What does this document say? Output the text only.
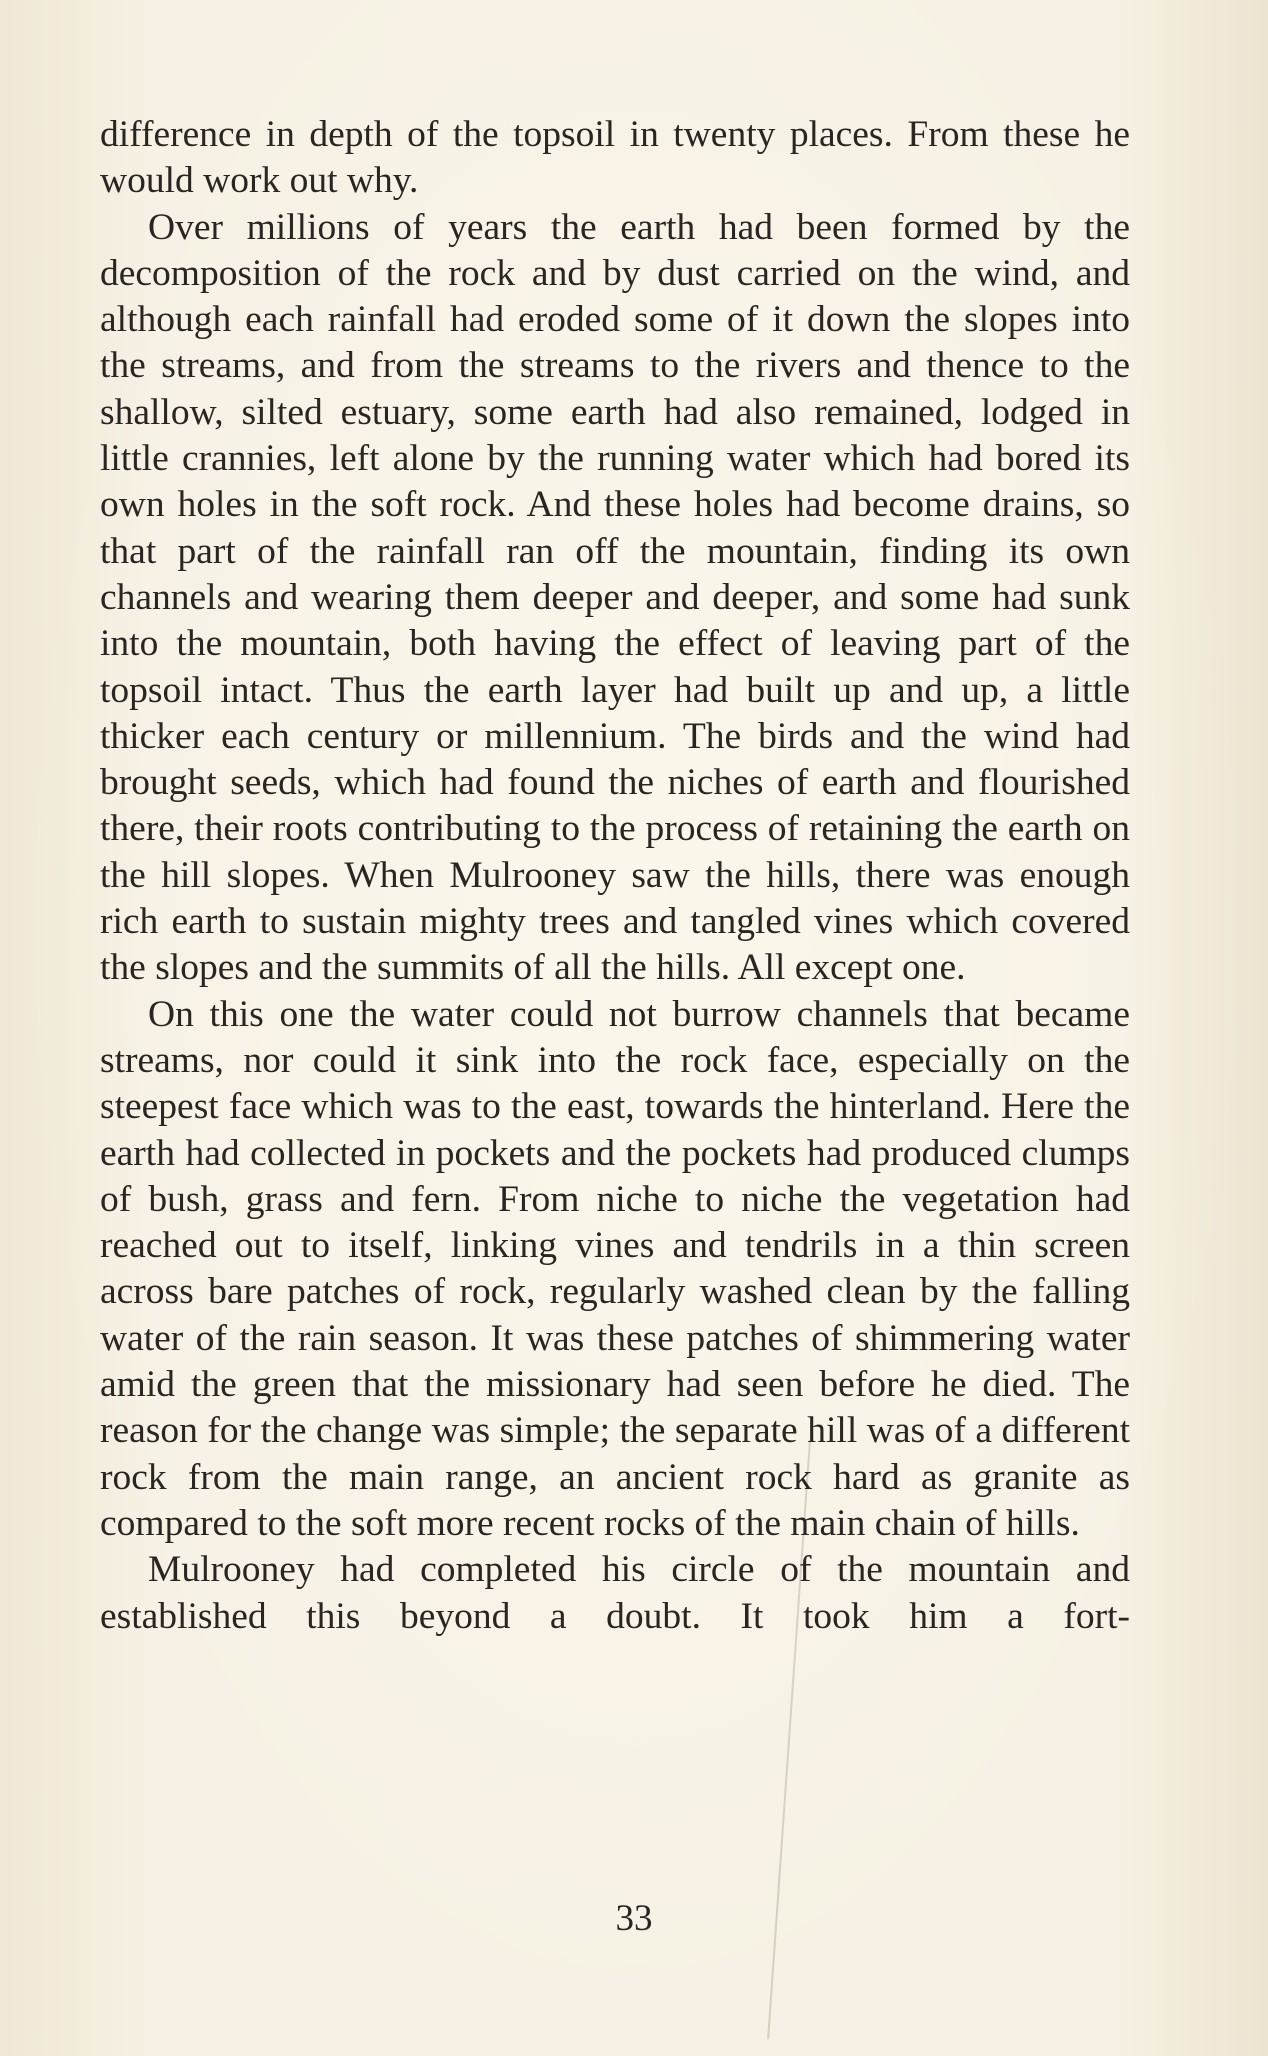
difference in depth of the topsoil in twenty places. From these he would work out why.

Over millions of years the earth had been formed by the decomposition of the rock and by dust carried on the wind, and although each rainfall had eroded some of it down the slopes into the streams, and from the streams to the rivers and thence to the shallow, silted estuary, some earth had also remained, lodged in little crannies, left alone by the running water which had bored its own holes in the soft rock. And these holes had become drains, so that part of the rainfall ran off the mountain, finding its own channels and wearing them deeper and deeper, and some had sunk into the mountain, both having the effect of leaving part of the topsoil intact. Thus the earth layer had built up and up, a little thicker each century or millennium. The birds and the wind had brought seeds, which had found the niches of earth and flourished there, their roots contributing to the process of retaining the earth on the hill slopes. When Mulrooney saw the hills, there was enough rich earth to sustain mighty trees and tangled vines which covered the slopes and the summits of all the hills. All except one.

On this one the water could not burrow channels that became streams, nor could it sink into the rock face, especially on the steepest face which was to the east, towards the hinterland. Here the earth had collected in pockets and the pockets had produced clumps of bush, grass and fern. From niche to niche the vegetation had reached out to itself, linking vines and tendrils in a thin screen across bare patches of rock, regularly washed clean by the falling water of the rain season. It was these patches of shimmering water amid the green that the missionary had seen before he died. The reason for the change was simple; the separate hill was of a different rock from the main range, an ancient rock hard as granite as compared to the soft more recent rocks of the main chain of hills.

Mulrooney had completed his circle of the mountain and established this beyond a doubt. It took him a fort-

33
